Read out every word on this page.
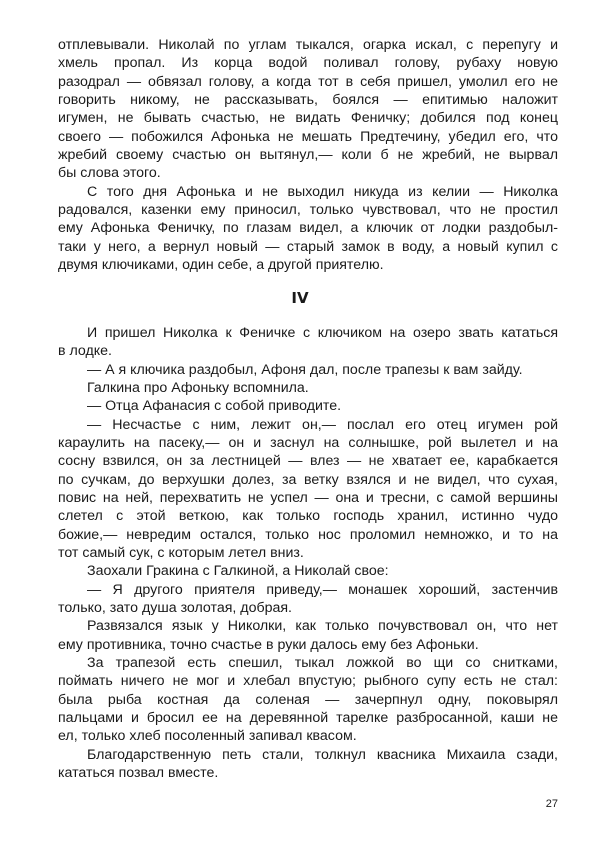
отплевывали. Николай по углам тыкался, огарка искал, с перепугу и
хмель пропал. Из корца водой поливал голову, рубаху новую
разодрал — обвязал голову, а когда тот в себя пришел, умолил его не
говорить никому, не рассказывать, боялся — епитимью наложит
игумен, не бывать счастью, не видать Феничку; добился под конец
своего — побожился Афонька не мешать Предтечину, убедил его, что
жребий своему счастью он вытянул,— коли б не жребий, не вырвал
бы слова этого.
С того дня Афонька и не выходил никуда из келии — Николка
радовался, казенки ему приносил, только чувствовал, что не простил
ему Афонька Феничку, по глазам видел, а ключик от лодки раздобыл-
таки у него, а вернул новый — старый замок в воду, а новый купил с
двумя ключиками, один себе, а другой приятелю.
IV
И пришел Николка к Феничке с ключиком на озеро звать кататься
в лодке.
— А я ключика раздобыл, Афоня дал, после трапезы к вам зайду.
Галкина про Афоньку вспомнила.
— Отца Афанасия с собой приводите.
— Несчастье с ним, лежит он,— послал его отец игумен рой
караулить на пасеку,— он и заснул на солнышке, рой вылетел и на
сосну взвился, он за лестницей — влез — не хватает ее, карабкается
по сучкам, до верхушки долез, за ветку взялся и не видел, что сухая,
повис на ней, перехватить не успел — она и тресни, с самой вершины
слетел с этой веткою, как только господь хранил, истинно чудо
божие,— невредим остался, только нос проломил немножко, и то на
тот самый сук, с которым летел вниз.
Заохали Гракина с Галкиной, а Николай свое:
— Я другого приятеля приведу,— монашек хороший, застенчив
только, зато душа золотая, добрая.
Развязался язык у Николки, как только почувствовал он, что нет
ему противника, точно счастье в руки далось ему без Афоньки.
За трапезой есть спешил, тыкал ложкой во щи со снитками,
поймать ничего не мог и хлебал впустую; рыбного супу есть не стал:
была рыба костная да соленая — зачерпнул одну, поковырял
пальцами и бросил ее на деревянной тарелке разбросанной, каши не
ел, только хлеб посоленный запивал квасом.
Благодарственную петь стали, толкнул квасника Михаила сзади,
кататься позвал вместе.
27
